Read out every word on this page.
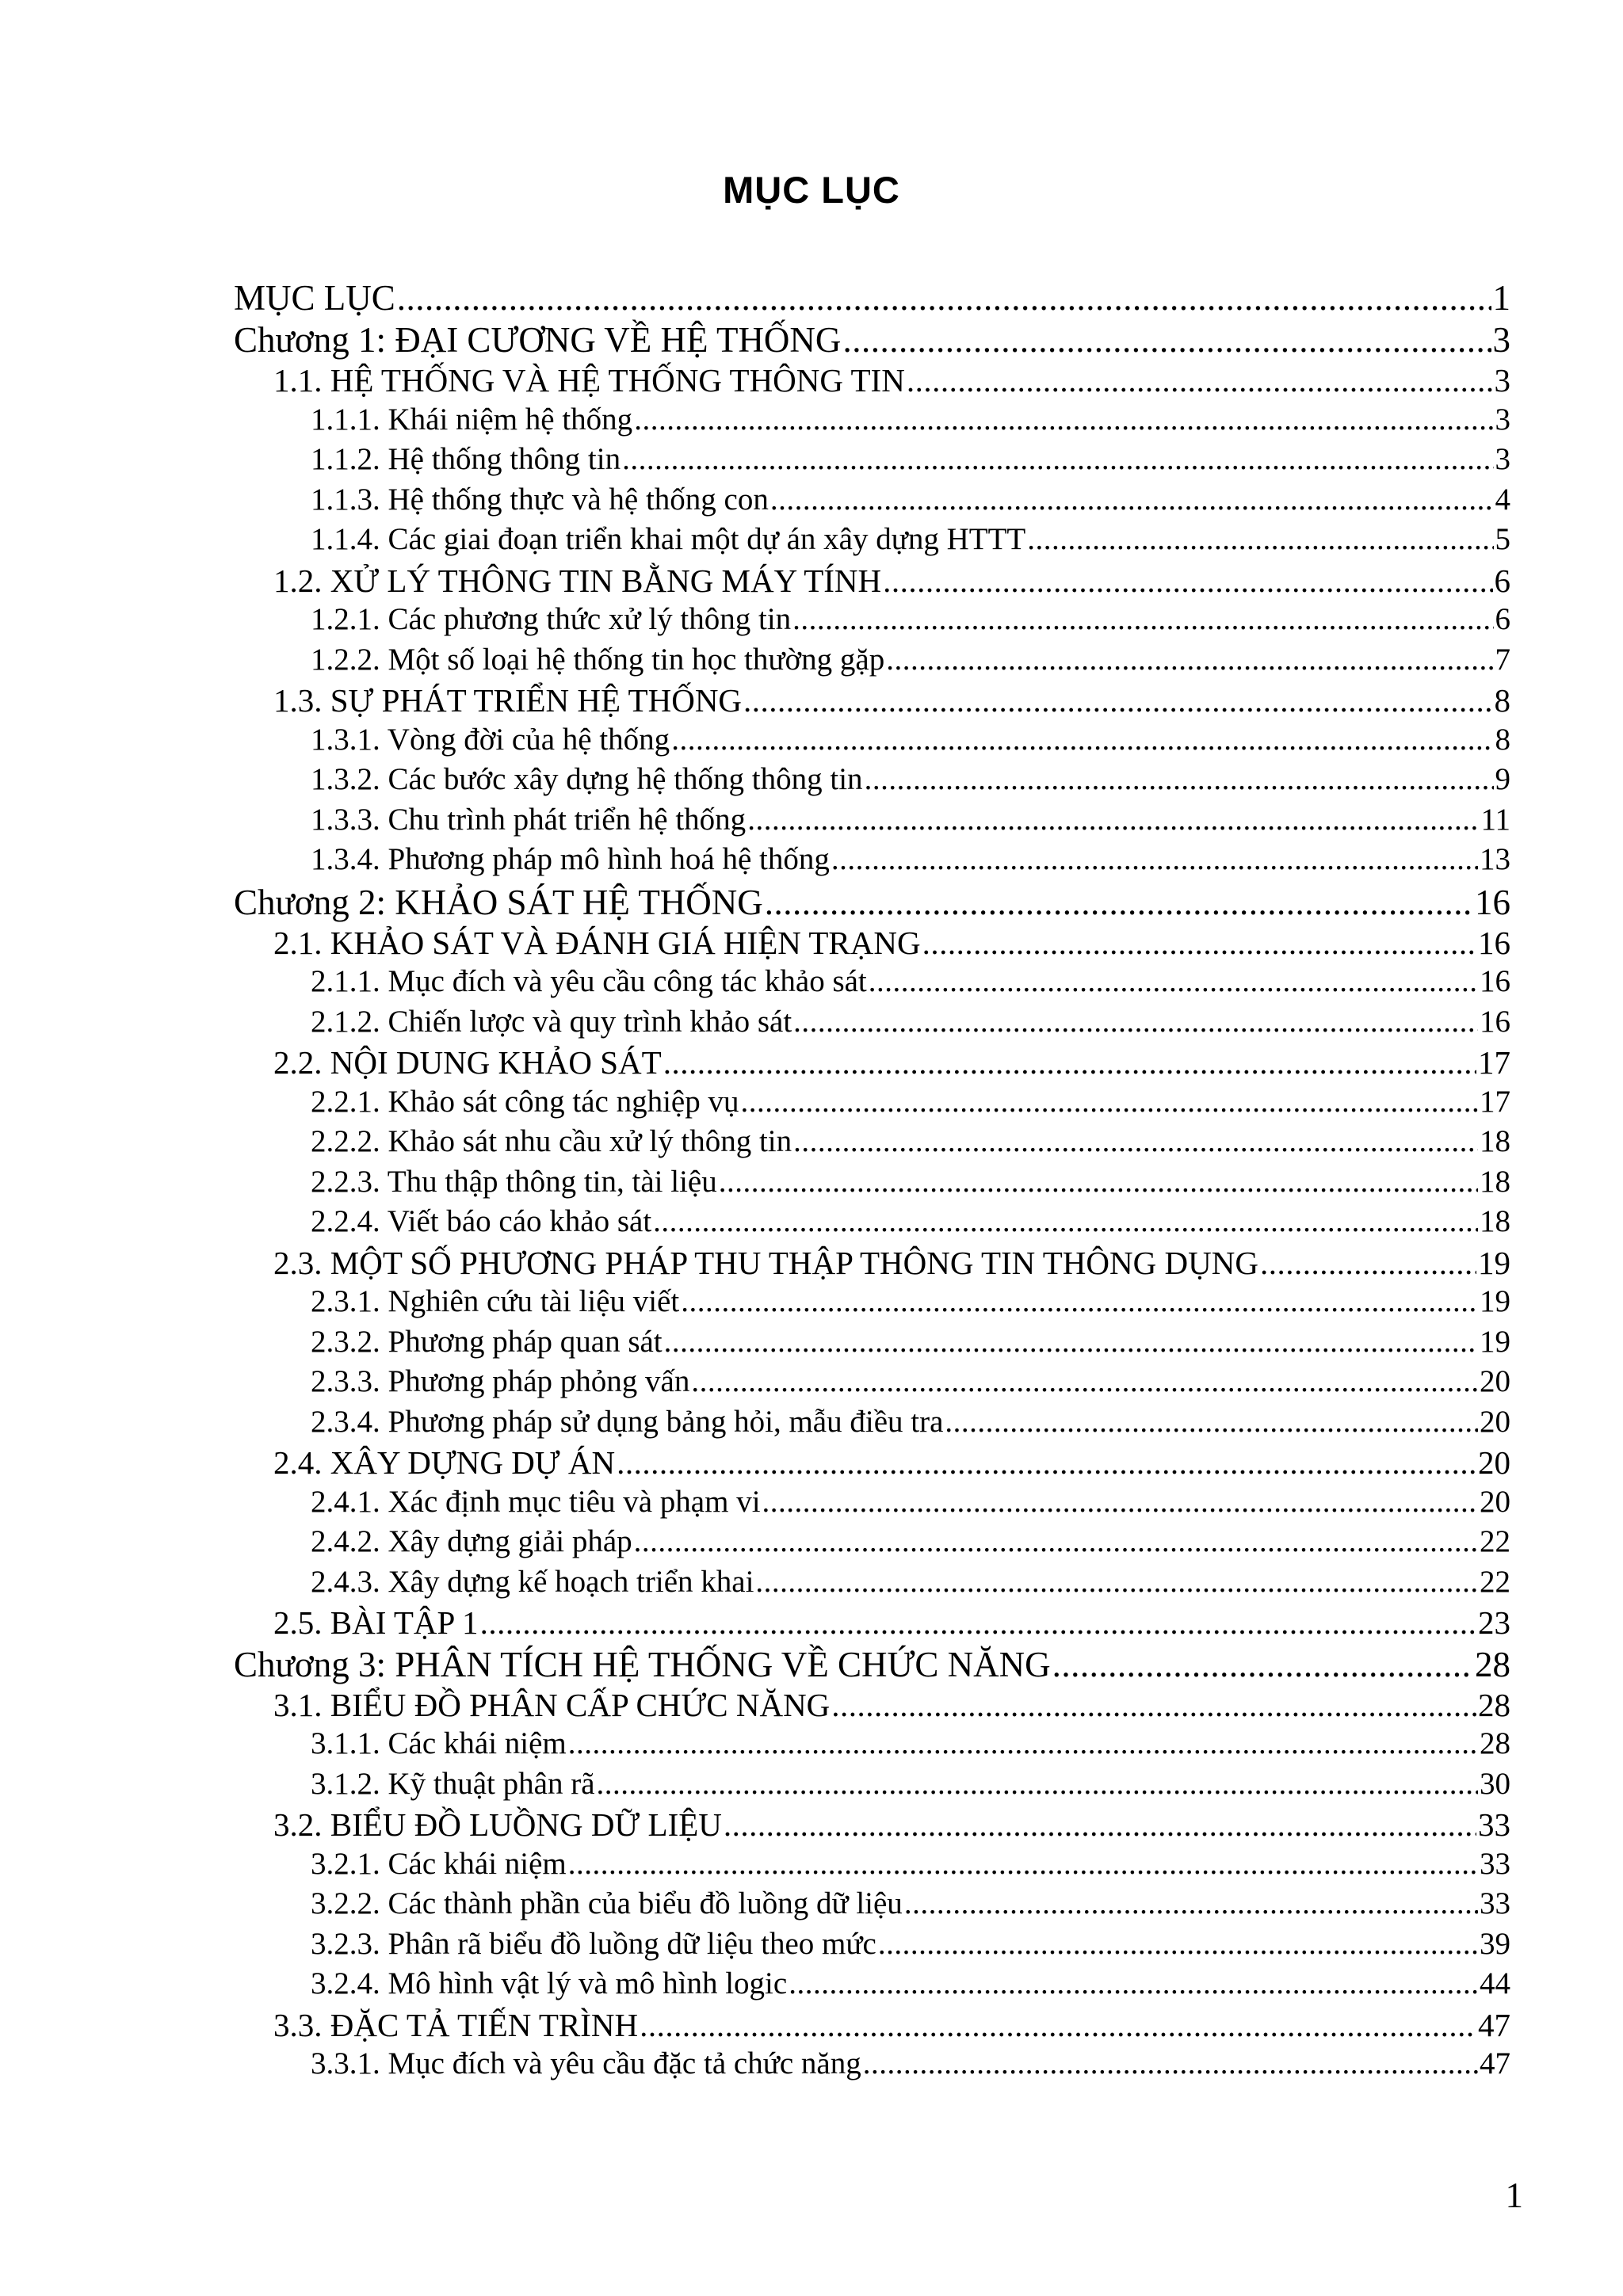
MỤC LỤC
MỤC LỤC .....	1
Chương 1: ĐẠI CƯƠNG VỀ HỆ THỐNG .....	3
1.1. HỆ THỐNG VÀ HỆ THỐNG THÔNG TIN .....	3
1.1.1. Khái niệm hệ thống .....	3
1.1.2. Hệ thống thông tin .....	3
1.1.3. Hệ thống thực và hệ thống con .....	4
1.1.4. Các giai đoạn triển khai một dự án xây dựng HTTT .....	5
1.2. XỬ LÝ THÔNG TIN BẰNG MÁY TÍNH .....	6
1.2.1. Các phương thức xử lý thông tin .....	6
1.2.2. Một số loại hệ thống tin học thường gặp .....	7
1.3. SỰ PHÁT TRIỂN HỆ THỐNG .....	8
1.3.1. Vòng đời của hệ thống .....	8
1.3.2. Các bước xây dựng hệ thống thông tin .....	9
1.3.3. Chu trình phát triển hệ thống .....	11
1.3.4. Phương pháp mô hình hoá hệ thống .....	13
Chương 2: KHẢO SÁT HỆ THỐNG .....	16
2.1. KHẢO SÁT VÀ ĐÁNH GIÁ HIỆN TRẠNG .....	16
2.1.1. Mục đích và yêu cầu công tác khảo sát .....	16
2.1.2. Chiến lược và quy trình khảo sát .....	16
2.2. NỘI DUNG KHẢO SÁT .....	17
2.2.1. Khảo sát công tác nghiệp vụ .....	17
2.2.2. Khảo sát nhu cầu xử lý thông tin .....	18
2.2.3. Thu thập thông tin, tài liệu .....	18
2.2.4. Viết báo cáo khảo sát .....	18
2.3. MỘT SỐ PHƯƠNG PHÁP THU THẬP THÔNG TIN THÔNG DỤNG .....	19
2.3.1. Nghiên cứu tài liệu viết .....	19
2.3.2. Phương pháp quan sát .....	19
2.3.3. Phương pháp phỏng vấn .....	20
2.3.4. Phương pháp sử dụng bảng hỏi, mẫu điều tra .....	20
2.4. XÂY DỰNG DỰ ÁN .....	20
2.4.1. Xác định mục tiêu và phạm vi .....	20
2.4.2. Xây dựng giải pháp .....	22
2.4.3. Xây dựng kế hoạch triển khai .....	22
2.5. BÀI TẬP 1 .....	23
Chương 3: PHÂN TÍCH HỆ THỐNG VỀ CHỨC NĂNG .....	28
3.1. BIỂU ĐỒ PHÂN CẤP CHỨC NĂNG .....	28
3.1.1. Các khái niệm .....	28
3.1.2. Kỹ thuật phân rã .....	30
3.2. BIỂU ĐỒ LUỒNG DỮ LIỆU .....	33
3.2.1. Các khái niệm .....	33
3.2.2. Các thành phần của biểu đồ luồng dữ liệu .....	33
3.2.3. Phân rã biểu đồ luồng dữ liệu theo mức .....	39
3.2.4. Mô hình vật lý và mô hình logic .....	44
3.3. ĐẶC TẢ TIẾN TRÌNH .....	47
3.3.1. Mục đích và yêu cầu đặc tả chức năng .....	47
1
